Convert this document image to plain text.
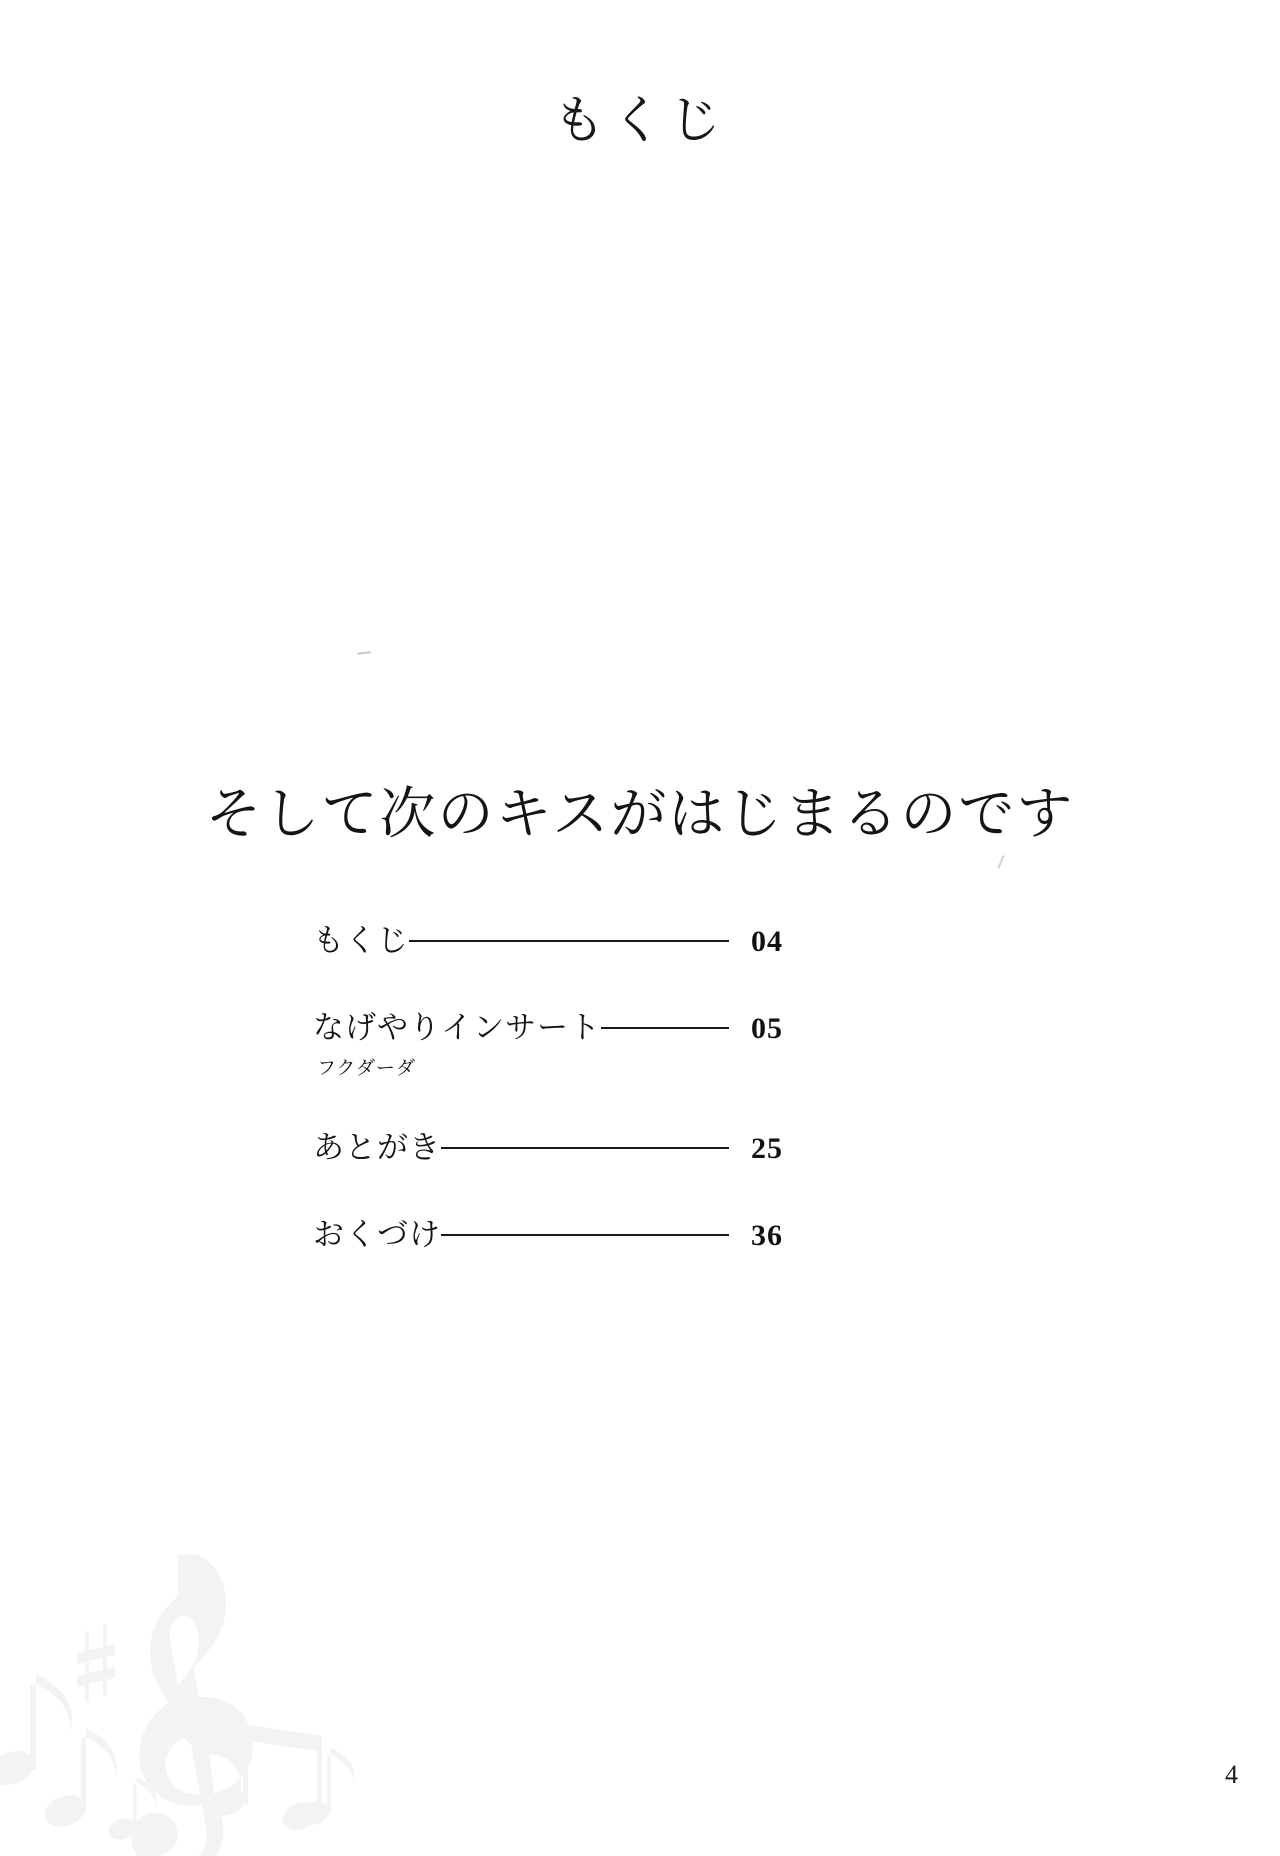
もくじ
そして次のキスがはじまるのです
もくじ	04
なげやりインサート	05
フクダーダ
あとがき	25
おくづけ	36
4
